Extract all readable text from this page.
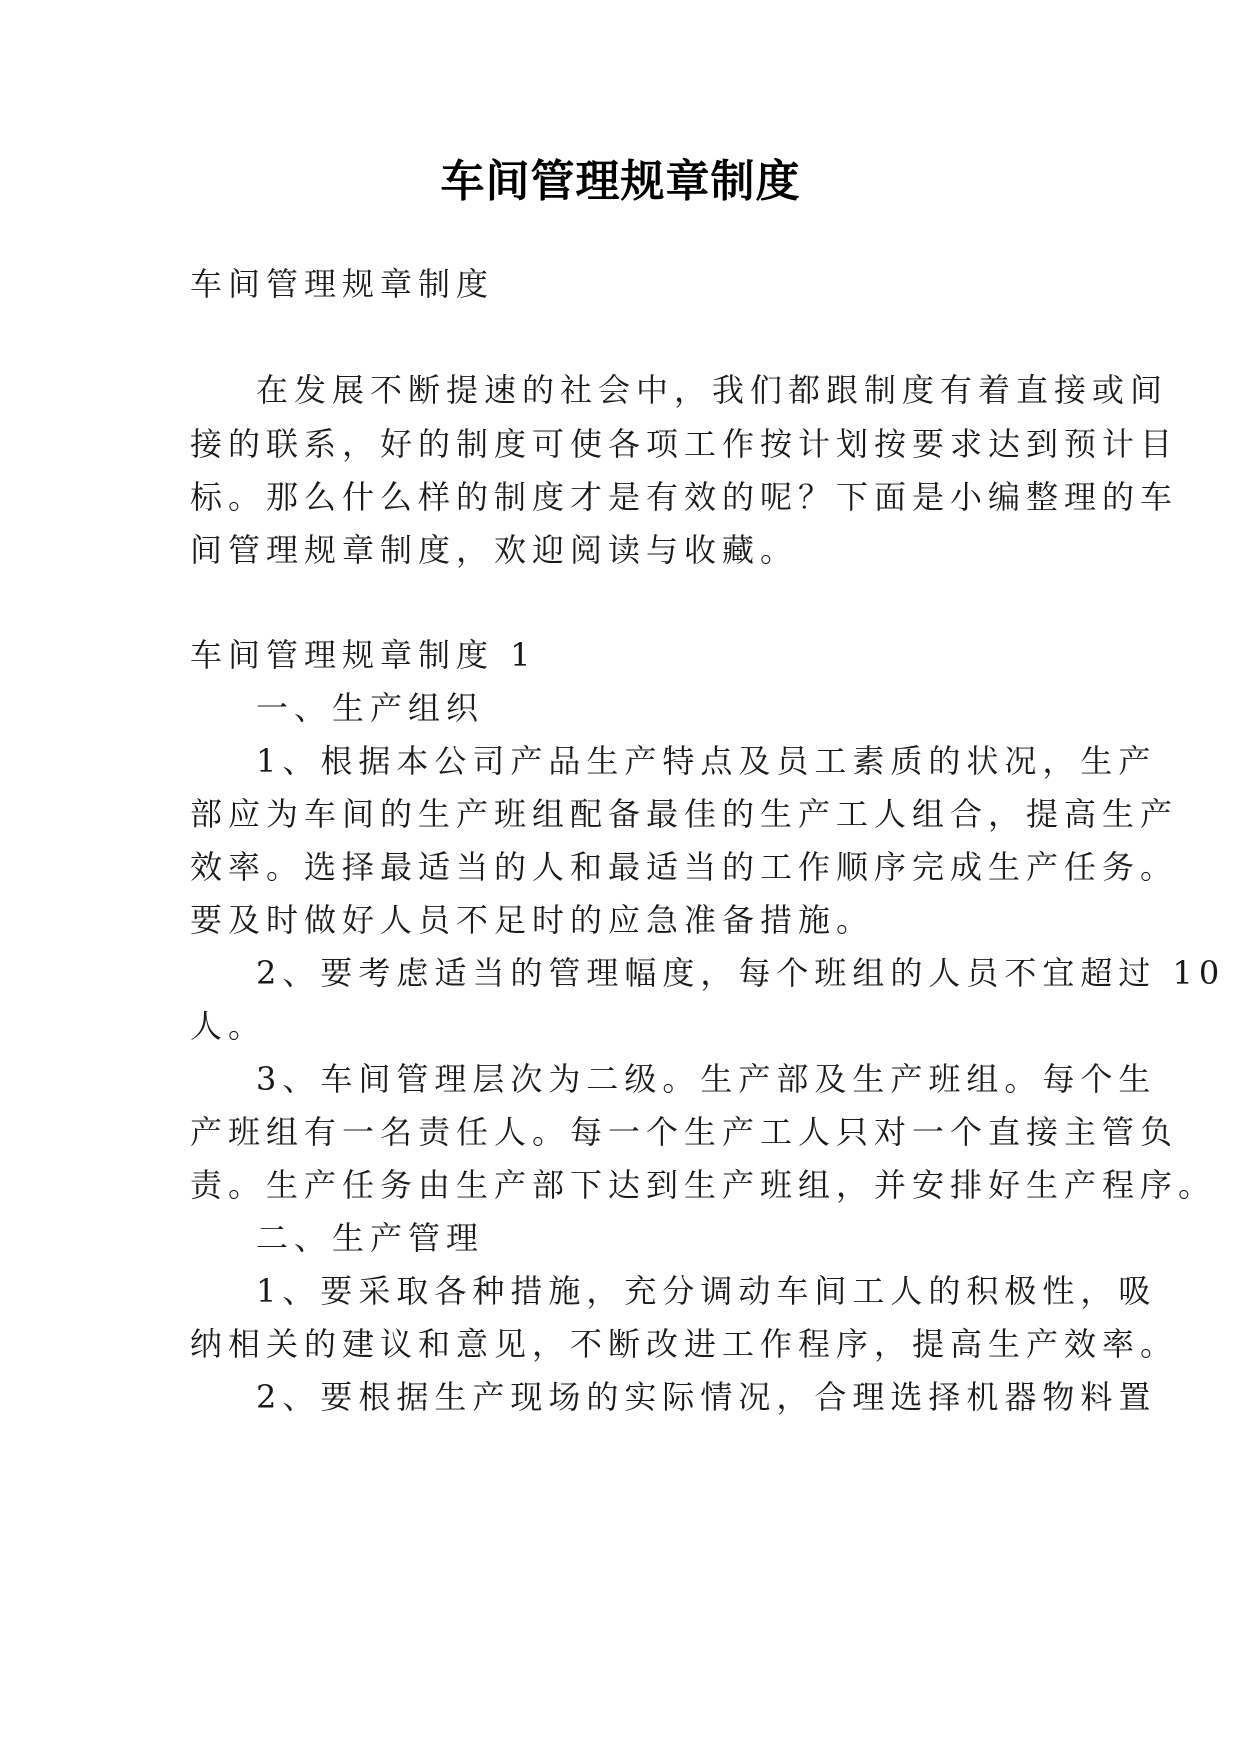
车间管理规章制度
车间管理规章制度
在发展不断提速的社会中，我们都跟制度有着直接或间
接的联系，好的制度可使各项工作按计划按要求达到预计目
标。那么什么样的制度才是有效的呢？下面是小编整理的车
间管理规章制度，欢迎阅读与收藏。
车间管理规章制度 1
一、生产组织
1、根据本公司产品生产特点及员工素质的状况，生产
部应为车间的生产班组配备最佳的生产工人组合，提高生产
效率。选择最适当的人和最适当的工作顺序完成生产任务。
要及时做好人员不足时的应急准备措施。
2、要考虑适当的管理幅度，每个班组的人员不宜超过 10
人。
3、车间管理层次为二级。生产部及生产班组。每个生
产班组有一名责任人。每一个生产工人只对一个直接主管负
责。生产任务由生产部下达到生产班组，并安排好生产程序。
二、生产管理
1、要采取各种措施，充分调动车间工人的积极性，吸
纳相关的建议和意见，不断改进工作程序，提高生产效率。
2、要根据生产现场的实际情况，合理选择机器物料置
